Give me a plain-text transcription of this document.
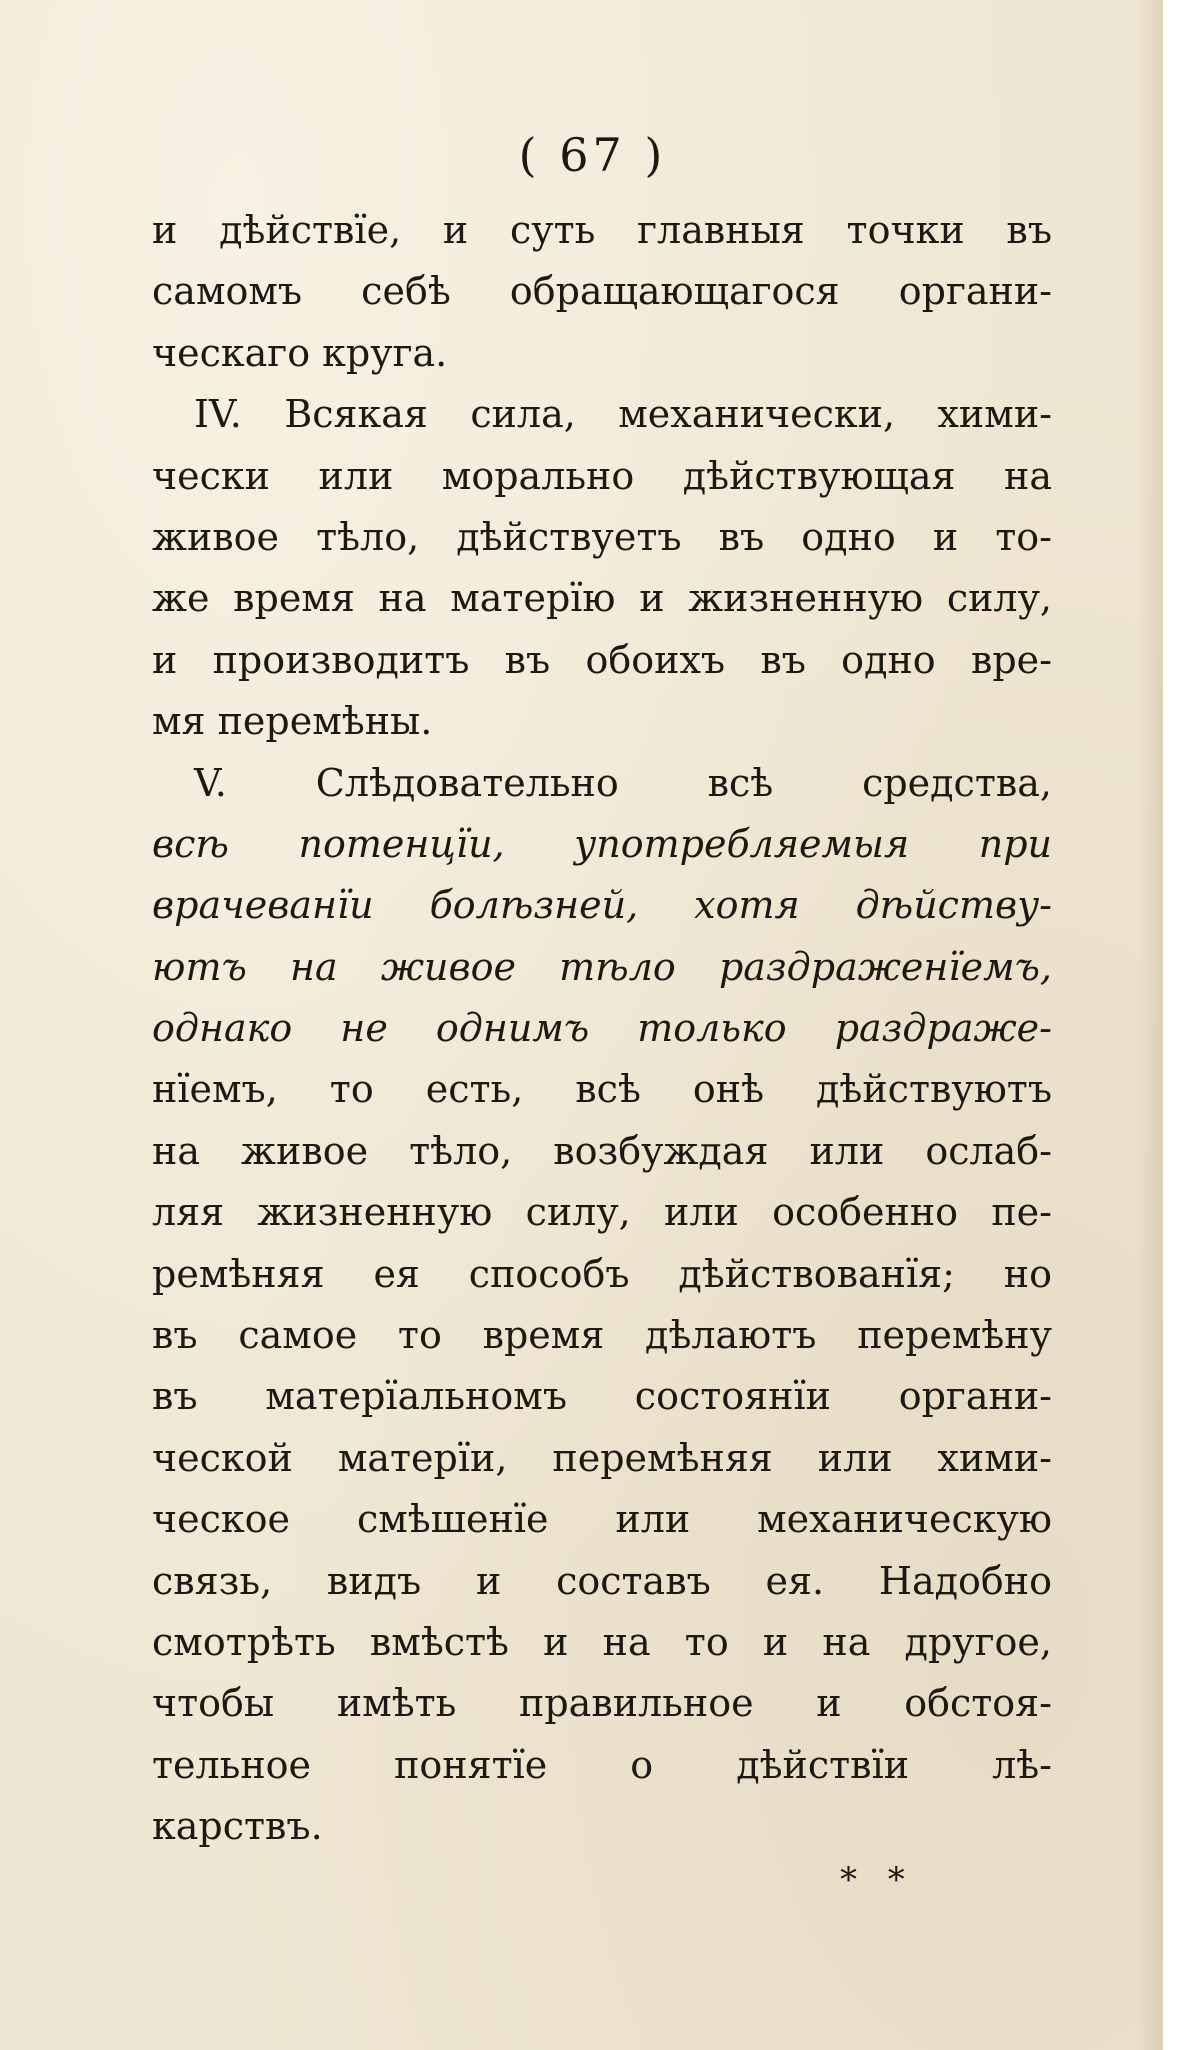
( 67 )
и дѣйствїе, и суть главныя точки въ
самомъ себѣ обращающагося органи-
ческаго круга.
IV. Всякая сила, механически, хими-
чески или морально дѣйствующая на
живое тѣло, дѣйствуетъ въ одно и то-
же время на матерїю и жизненную силу,
и производитъ въ обоихъ въ одно вре-
мя перемѣны.
V. Слѣдовательно всѣ средства,
всѣ потенцїи, употребляемыя при
врачеванїи болѣзней, хотя дѣйству-
ютъ на живое тѣло раздраженїемъ,
однако не однимъ только раздраже-
нїемъ, то есть, всѣ онѣ дѣйствуютъ
на живое тѣло, возбуждая или ослаб-
ляя жизненную силу, или особенно пе-
ремѣняя ея способъ дѣйствованїя; но
въ самое то время дѣлаютъ перемѣну
въ матерїальномъ состоянїи органи-
ческой матерїи, перемѣняя или хими-
ческое смѣшенїе или механическую
связь, видъ и составъ ея. Надобно
смотрѣть вмѣстѣ и на то и на другое,
чтобы имѣть правильное и обстоя-
тельное понятїе о дѣйствїи лѣ-
карствъ.
* *
